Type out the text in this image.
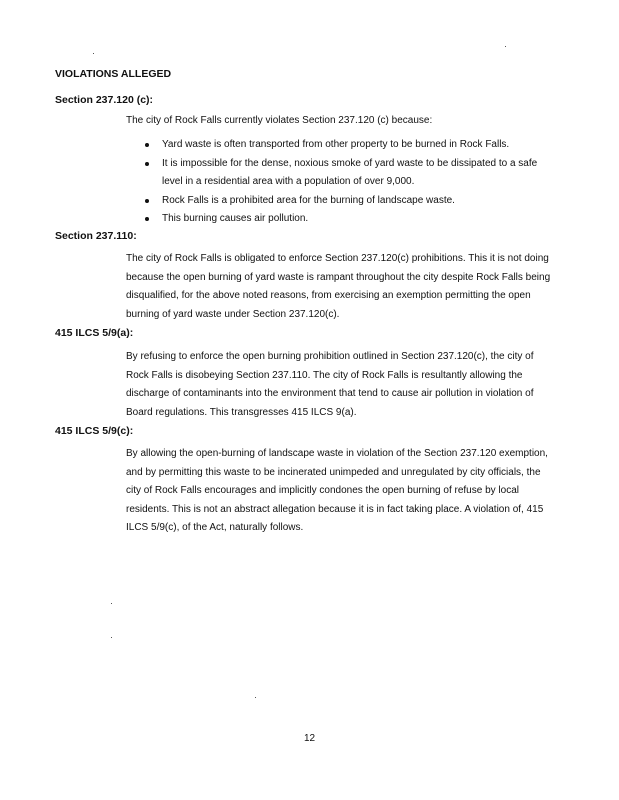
VIOLATIONS ALLEGED
Section 237.120 (c):
The city of Rock Falls currently violates Section 237.120 (c) because:
Yard waste is often transported from other property to be burned in Rock Falls.
It is impossible for the dense, noxious smoke of yard waste to be dissipated to a safe level in a residential area with a population of over 9,000.
Rock Falls is a prohibited area for the burning of landscape waste.
This burning causes air pollution.
Section 237.110:
The city of Rock Falls is obligated to enforce Section 237.120(c) prohibitions. This it is not doing because the open burning of yard waste is rampant throughout the city despite Rock Falls being disqualified, for the above noted reasons, from exercising an exemption permitting the open burning of yard waste under Section 237.120(c).
415 ILCS 5/9(a):
By refusing to enforce the open burning prohibition outlined in Section 237.120(c), the city of Rock Falls is disobeying Section 237.110. The city of Rock Falls is resultantly allowing the discharge of contaminants into the environment that tend to cause air pollution in violation of Board regulations. This transgresses 415 ILCS 9(a).
415 ILCS 5/9(c):
By allowing the open-burning of landscape waste in violation of the Section 237.120 exemption, and by permitting this waste to be incinerated unimpeded and unregulated by city officials, the city of Rock Falls encourages and implicitly condones the open burning of refuse by local residents. This is not an abstract allegation because it is in fact taking place. A violation of, 415 ILCS 5/9(c), of the Act, naturally follows.
12
